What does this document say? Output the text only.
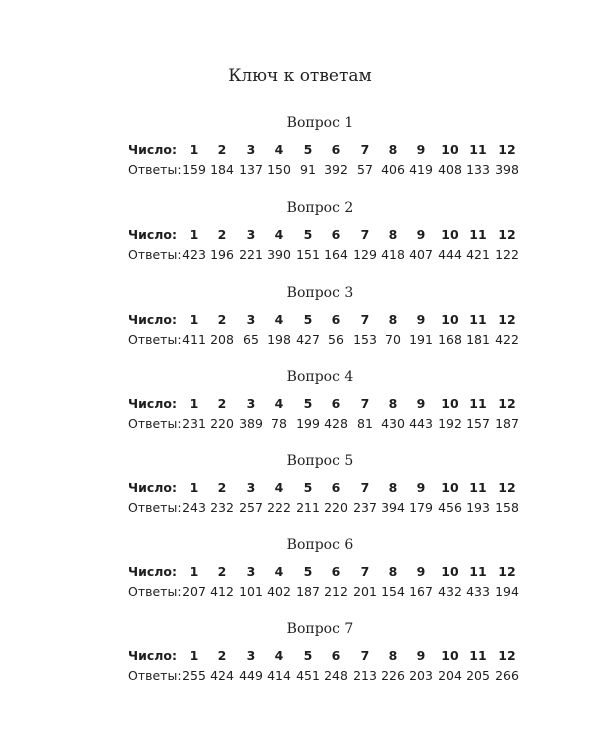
Ключ к ответам
Вопрос 1
Число:	1	2	3	4	5	6	7	8	9	10 11 12
Ответы: 159 184 137 150 91 392 57 406 419 408 133 398
Вопрос 2
Число:	1	2	3	4	5	6	7	8	9	10 11 12
Ответы: 423 196 221 390 151 164 129 418 407 444 421 122
Вопрос 3
Число:	1	2	3	4	5	6	7	8	9	10 11 12
Ответы: 411 208 65 198 427 56 153 70 191 168 181 422
Вопрос 4
Число:	1	2	3	4	5	6	7	8	9	10 11 12
Ответы: 231 220 389 78 199 428 81 430 443 192 157 187
Вопрос 5
Число:	1	2	3	4	5	6	7	8	9	10 11 12
Ответы: 243 232 257 222 211 220 237 394 179 456 193 158
Вопрос 6
Число:	1	2	3	4	5	6	7	8	9	10 11 12
Ответы: 207 412 101 402 187 212 201 154 167 432 433 194
Вопрос 7
Число:	1	2	3	4	5	6	7	8	9	10 11 12
Ответы: 255 424 449 414 451 248 213 226 203 204 205 266
